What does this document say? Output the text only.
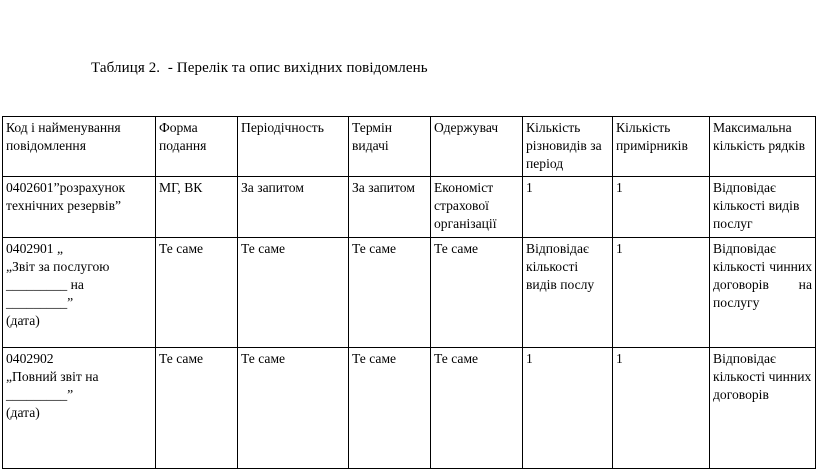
Таблиця 2.  - Перелік та опис вихідних повідомлень
Код і найменування повідомлення	Форма подання	Періодічность	Термін видачі	Одержувач	Кількість різновидів за період	Кількість примірників	Максимальна кількість рядків
0402601”розрахунок технічних резервів”	МГ, ВК	За запитом	За запитом	Економіст страхової організації	1	1	Відповідає кількості видів послуг

0402901 „
„Звіт за послугою
_________ на
_________”
(дата)	Те саме	Те саме	Те саме	Те саме	Відповідає кількості видів послу	1	Відповідає кількості чинних договорів на послугу

0402902
„Повний звіт на
_________”
(дата)	Те саме	Те саме	Те саме	Те саме	1	1	Відповідає кількості чинних договорів
